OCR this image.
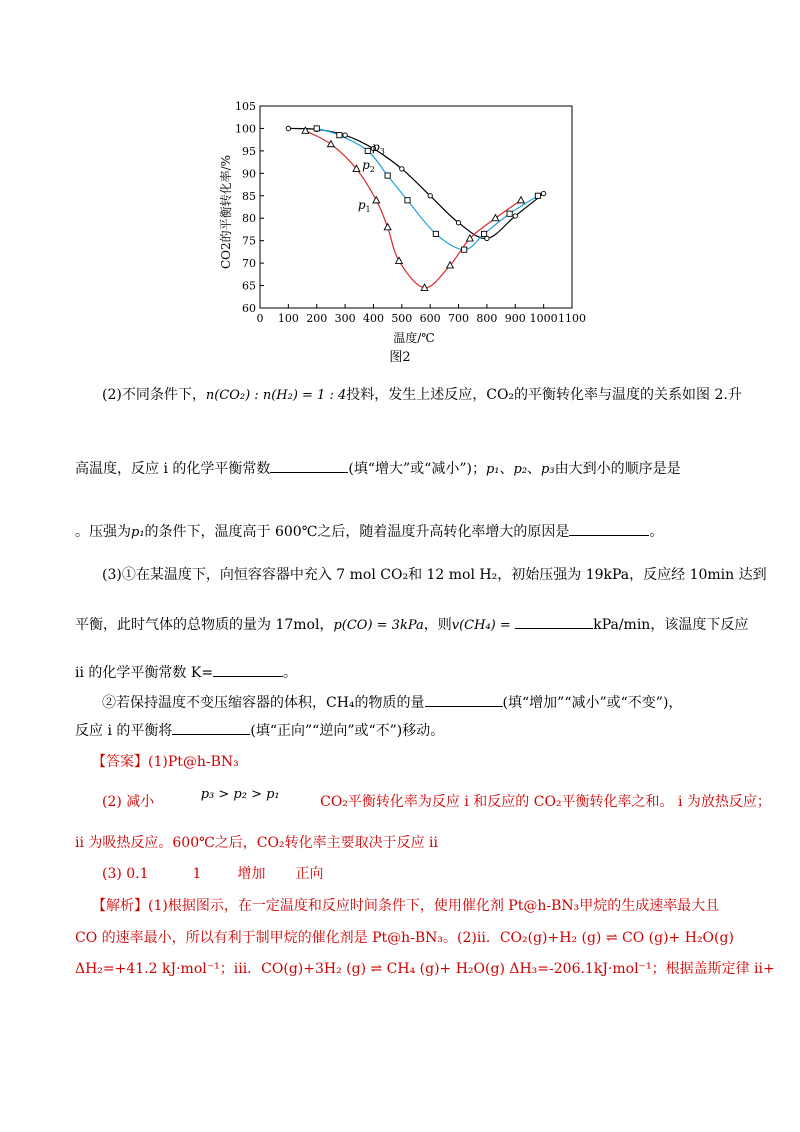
0 100 200 300 400 500 600 700 800 900 1000 1100
60
65
70
75
80
85
90
95
100
105
$p_3$
$p_2$
$p_1$
CO2的平衡转化率/%
温度/℃
图2
(2)不同条件下，n(CO₂) : n(H₂) = 1 : 4投料，发生上述反应，CO₂的平衡转化率与温度的关系如图 2.升
高温度，反应 i 的化学平衡常数	(填“增大”或“减小”)；p₁、p₂、p₃由大到小的顺序是是
。压强为p₁的条件下，温度高于 600℃之后，随着温度升高转化率增大的原因是	。
(3)①在某温度下，向恒容容器中充入 7 mol CO₂和 12 mol H₂，初始压强为 19kPa，反应经 10min 达到
平衡，此时气体的总物质的量为 17mol，p(CO) = 3kPa，则v(CH₄) =	kPa/min，该温度下反应
ii 的化学平衡常数 K=	。
②若保持温度不变压缩容器的体积，CH₄的物质的量	(填“增加”“减小”或“不变”)，
反应 i 的平衡将	(填“正向”“逆向”或“不”)移动。
【答案】(1)Pt@h-BN₃
(2) 减小	p₃ > p₂ > p₁	CO₂平衡转化率为反应 i 和反应的 CO₂平衡转化率之和。 i 为放热反应；
ii 为吸热反应。600℃之后，CO₂转化率主要取决于反应 ii
(3) 0.1	1	增加 正向
【解析】(1)根据图示，在一定温度和反应时间条件下，使用催化剂 Pt@h-BN₃甲烷的生成速率最大且
CO 的速率最小，所以有利于制甲烷的催化剂是 Pt@h-BN₃。(2)ii．CO₂(g)+H₂ (g) ⇌ CO (g)+ H₂O(g)
ΔH₂=+41.2 kJ·mol⁻¹；iii．CO(g)+3H₂ (g) ⇌ CH₄ (g)+ H₂O(g) ΔH₃=-206.1kJ·mol⁻¹；根据盖斯定律 ii+
